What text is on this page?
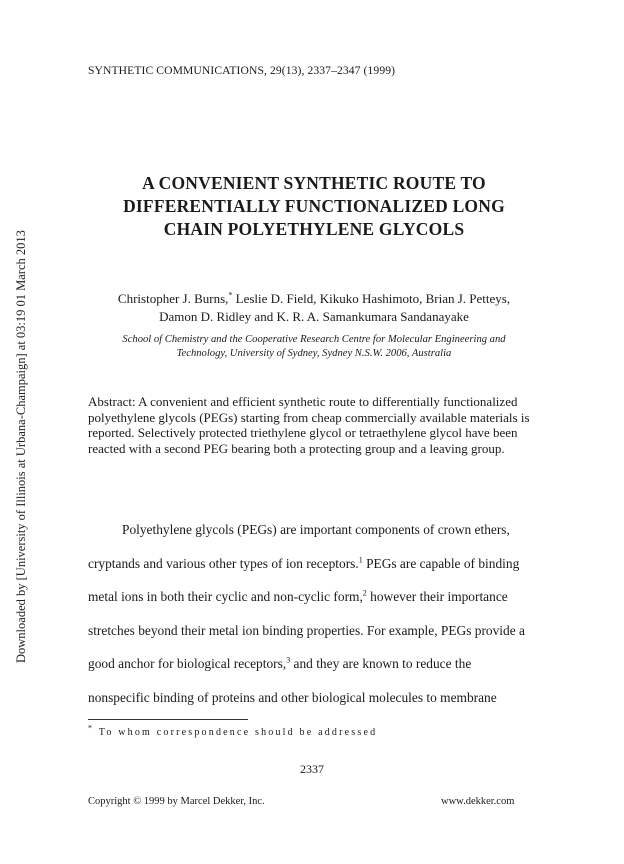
SYNTHETIC COMMUNICATIONS, 29(13), 2337–2347 (1999)
Downloaded by [University of Illinois at Urbana-Champaign] at 03:19 01 March 2013
A CONVENIENT SYNTHETIC ROUTE TO
DIFFERENTIALLY FUNCTIONALIZED LONG
CHAIN POLYETHYLENE GLYCOLS
Christopher J. Burns,* Leslie D. Field, Kikuko Hashimoto, Brian J. Petteys,
Damon D. Ridley and K. R. A. Samankumara Sandanayake
School of Chemistry and the Cooperative Research Centre for Molecular Engineering and
Technology, University of Sydney, Sydney N.S.W. 2006, Australia

Abstract: A convenient and efficient synthetic route to differentially functionalized polyethylene glycols (PEGs) starting from cheap commercially available materials is reported. Selectively protected triethylene glycol or tetraethylene glycol have been reacted with a second PEG bearing both a protecting group and a leaving group.

Polyethylene glycols (PEGs) are important components of crown ethers,
cryptands and various other types of ion receptors.$^1$ PEGs are capable of binding
metal ions in both their cyclic and non-cyclic form,$^2$ however their importance
stretches beyond their metal ion binding properties. For example, PEGs provide a
good anchor for biological receptors,$^3$ and they are known to reduce the
nonspecific binding of proteins and other biological molecules to membrane
* To whom correspondence should be addressed
2337
Copyright © 1999 by Marcel Dekker, Inc.	www.dekker.com
